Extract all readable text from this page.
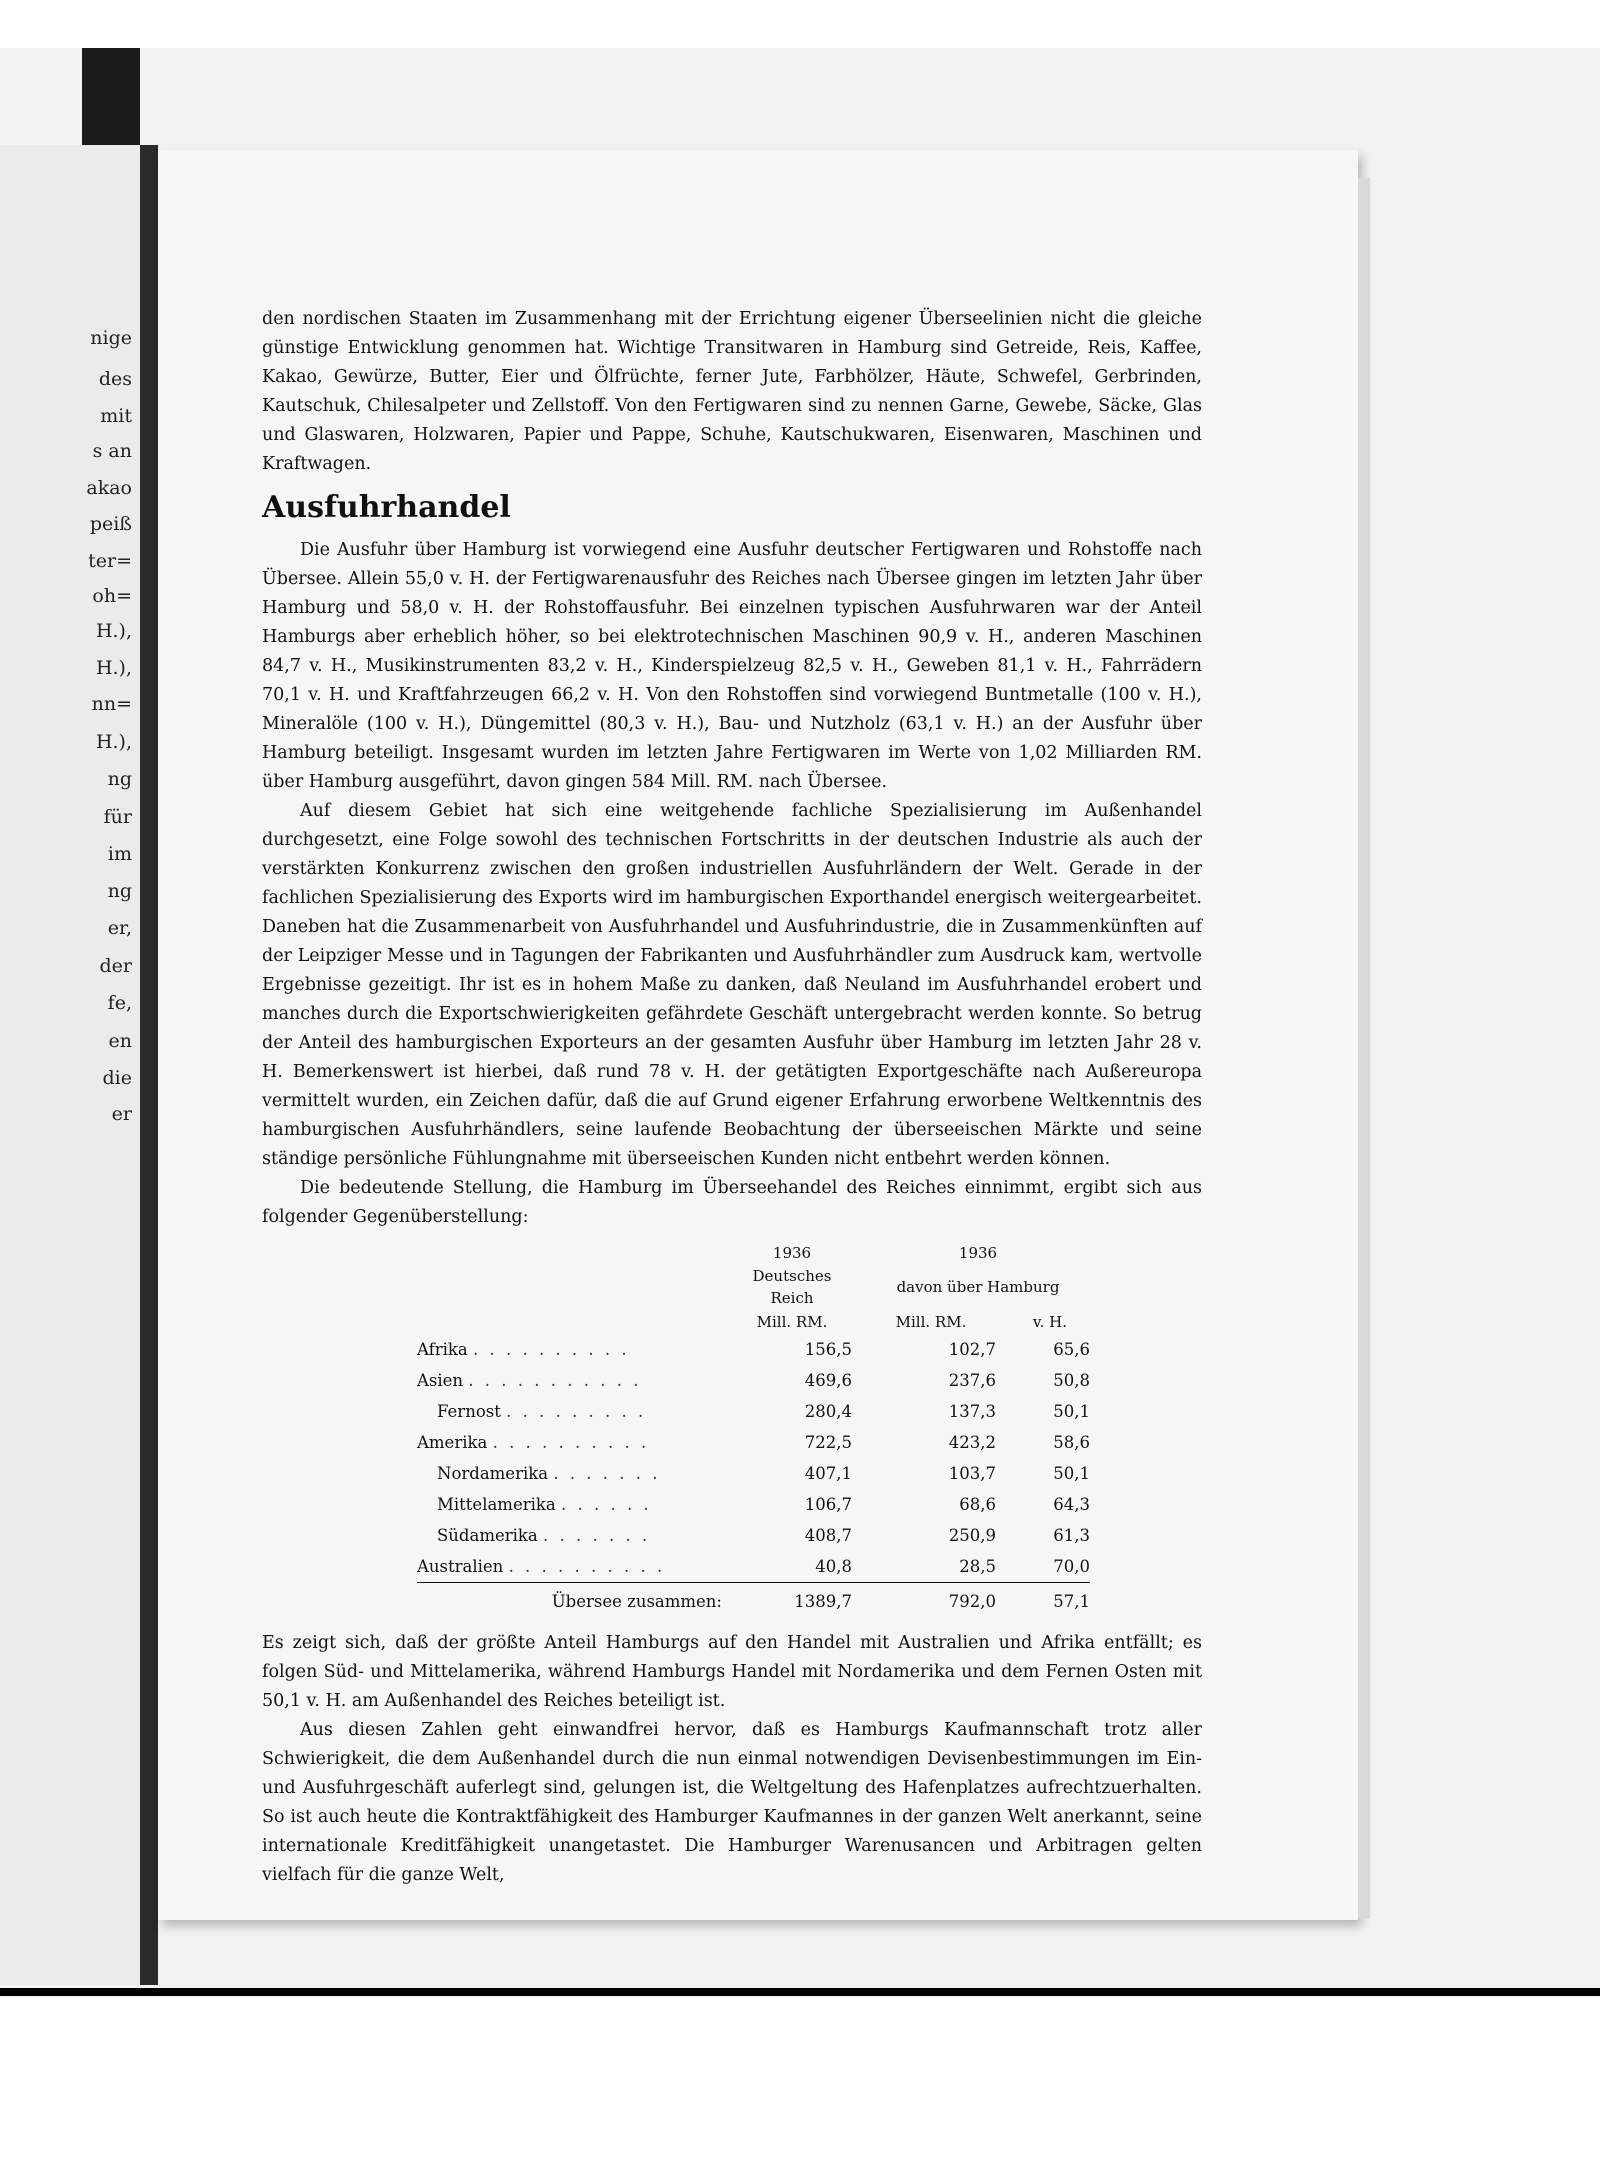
nige
des
mit
s an
akao
peiß
ter=
oh=
H.),
H.),
nn=
H.),
ng
für
im
ng
er,
der
fe,
en
die
er

den nordischen Staaten im Zusammenhang mit der Errichtung eigener Überseelinien nicht die gleiche günstige Entwicklung genommen hat. Wichtige Transitwaren in Hamburg sind Getreide, Reis, Kaffee, Kakao, Gewürze, Butter, Eier und Ölfrüchte, ferner Jute, Farbhölzer, Häute, Schwefel, Gerbrinden, Kautschuk, Chilesalpeter und Zellstoff. Von den Fertigwaren sind zu nennen Garne, Gewebe, Säcke, Glas und Glaswaren, Holzwaren, Papier und Pappe, Schuhe, Kautschukwaren, Eisenwaren, Maschinen und Kraftwagen.

Ausfuhrhandel

Die Ausfuhr über Hamburg ist vorwiegend eine Ausfuhr deutscher Fertigwaren und Rohstoffe nach Übersee. Allein 55,0 v. H. der Fertigwarenausfuhr des Reiches nach Übersee gingen im letzten Jahr über Hamburg und 58,0 v. H. der Rohstoffausfuhr. Bei einzelnen typischen Ausfuhrwaren war der Anteil Hamburgs aber erheblich höher, so bei elektrotechnischen Maschinen 90,9 v. H., anderen Maschinen 84,7 v. H., Musikinstrumenten 83,2 v. H., Kinderspielzeug 82,5 v. H., Geweben 81,1 v. H., Fahrrädern 70,1 v. H. und Kraftfahrzeugen 66,2 v. H. Von den Rohstoffen sind vorwiegend Buntmetalle (100 v. H.), Mineralöle (100 v. H.), Düngemittel (80,3 v. H.), Bau- und Nutzholz (63,1 v. H.) an der Ausfuhr über Hamburg beteiligt. Insgesamt wurden im letzten Jahre Fertigwaren im Werte von 1,02 Milliarden RM. über Hamburg ausgeführt, davon gingen 584 Mill. RM. nach Übersee.

Auf diesem Gebiet hat sich eine weitgehende fachliche Spezialisierung im Außenhandel durchgesetzt, eine Folge sowohl des technischen Fortschritts in der deutschen Industrie als auch der verstärkten Konkurrenz zwischen den großen industriellen Ausfuhrländern der Welt. Gerade in der fachlichen Spezialisierung des Exports wird im hamburgischen Exporthandel energisch weitergearbeitet. Daneben hat die Zusammenarbeit von Ausfuhrhandel und Ausfuhrindustrie, die in Zusammenkünften auf der Leipziger Messe und in Tagungen der Fabrikanten und Ausfuhrhändler zum Ausdruck kam, wertvolle Ergebnisse gezeitigt. Ihr ist es in hohem Maße zu danken, daß Neuland im Ausfuhrhandel erobert und manches durch die Exportschwierigkeiten gefährdete Geschäft untergebracht werden konnte. So betrug der Anteil des hamburgischen Exporteurs an der gesamten Ausfuhr über Hamburg im letzten Jahr 28 v. H. Bemerkenswert ist hierbei, daß rund 78 v. H. der getätigten Exportgeschäfte nach Außereuropa vermittelt wurden, ein Zeichen dafür, daß die auf Grund eigener Erfahrung erworbene Weltkenntnis des hamburgischen Ausfuhrhändlers, seine laufende Beobachtung der überseeischen Märkte und seine ständige persönliche Fühlungnahme mit überseeischen Kunden nicht entbehrt werden können.

Die bedeutende Stellung, die Hamburg im Überseehandel des Reiches einnimmt, ergibt sich aus folgender Gegenüberstellung:

	1936	1936	
	Deutsches Reich	davon über Hamburg	
	Mill. RM.	Mill. RM.	v. H.
Afrika . . . . . . . . . .	156,5	102,7	65,6
Asien . . . . . . . . . . .	469,6	237,6	50,8
Fernost . . . . . . . . .	280,4	137,3	50,1
Amerika . . . . . . . . . .	722,5	423,2	58,6
Nordamerika . . . . . . .	407,1	103,7	50,1
Mittelamerika . . . . . .	106,7	68,6	64,3
Südamerika . . . . . . .	408,7	250,9	61,3
Australien . . . . . . . . . .	40,8	28,5	70,0
Übersee zusammen:	1389,7	792,0	57,1

Es zeigt sich, daß der größte Anteil Hamburgs auf den Handel mit Australien und Afrika entfällt; es folgen Süd- und Mittelamerika, während Hamburgs Handel mit Nordamerika und dem Fernen Osten mit 50,1 v. H. am Außenhandel des Reiches beteiligt ist.

Aus diesen Zahlen geht einwandfrei hervor, daß es Hamburgs Kaufmannschaft trotz aller Schwierigkeit, die dem Außenhandel durch die nun einmal notwendigen Devisenbestimmungen im Ein- und Ausfuhrgeschäft auferlegt sind, gelungen ist, die Weltgeltung des Hafenplatzes aufrechtzuerhalten. So ist auch heute die Kontraktfähigkeit des Hamburger Kaufmannes in der ganzen Welt anerkannt, seine internationale Kreditfähigkeit unangetastet. Die Hamburger Warenusancen und Arbitragen gelten vielfach für die ganze Welt,
